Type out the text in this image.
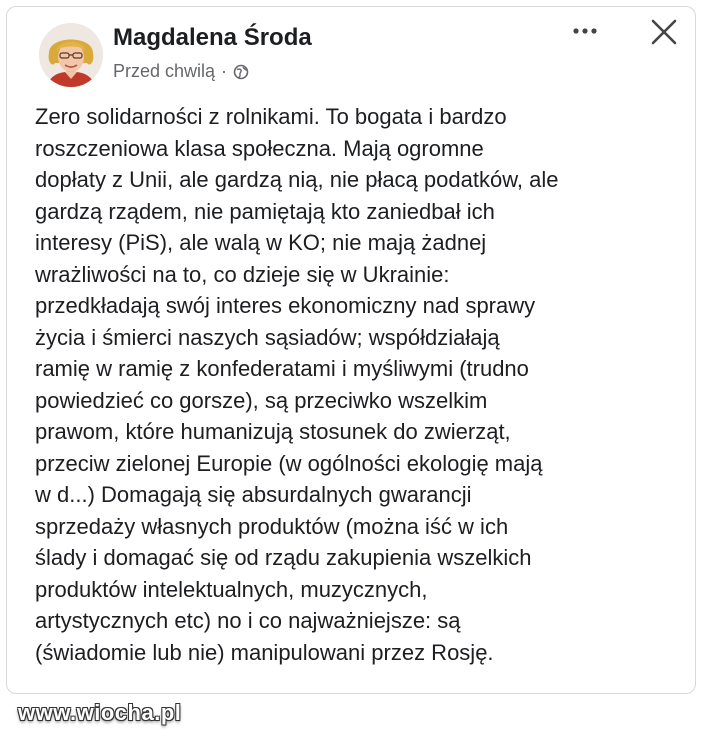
Magdalena Środa
Przed chwilą ·

Zero solidarności z rolnikami. To bogata i bardzo
roszczeniowa klasa społeczna. Mają ogromne
dopłaty z Unii, ale gardzą nią, nie płacą podatków, ale
gardzą rządem, nie pamiętają kto zaniedbał ich
interesy (PiS), ale walą w KO; nie mają żadnej
wrażliwości na to, co dzieje się w Ukrainie:
przedkładają swój interes ekonomiczny nad sprawy
życia i śmierci naszych sąsiadów; współdziałają
ramię w ramię z konfederatami i myśliwymi (trudno
powiedzieć co gorsze), są przeciwko wszelkim
prawom, które humanizują stosunek do zwierząt,
przeciw zielonej Europie (w ogólności ekologię mają
w d...) Domagają się absurdalnych gwarancji
sprzedaży własnych produktów (można iść w ich
ślady i domagać się od rządu zakupienia wszelkich
produktów intelektualnych, muzycznych,
artystycznych etc) no i co najważniejsze: są
(świadomie lub nie) manipulowani przez Rosję.

www.wiocha.pl
